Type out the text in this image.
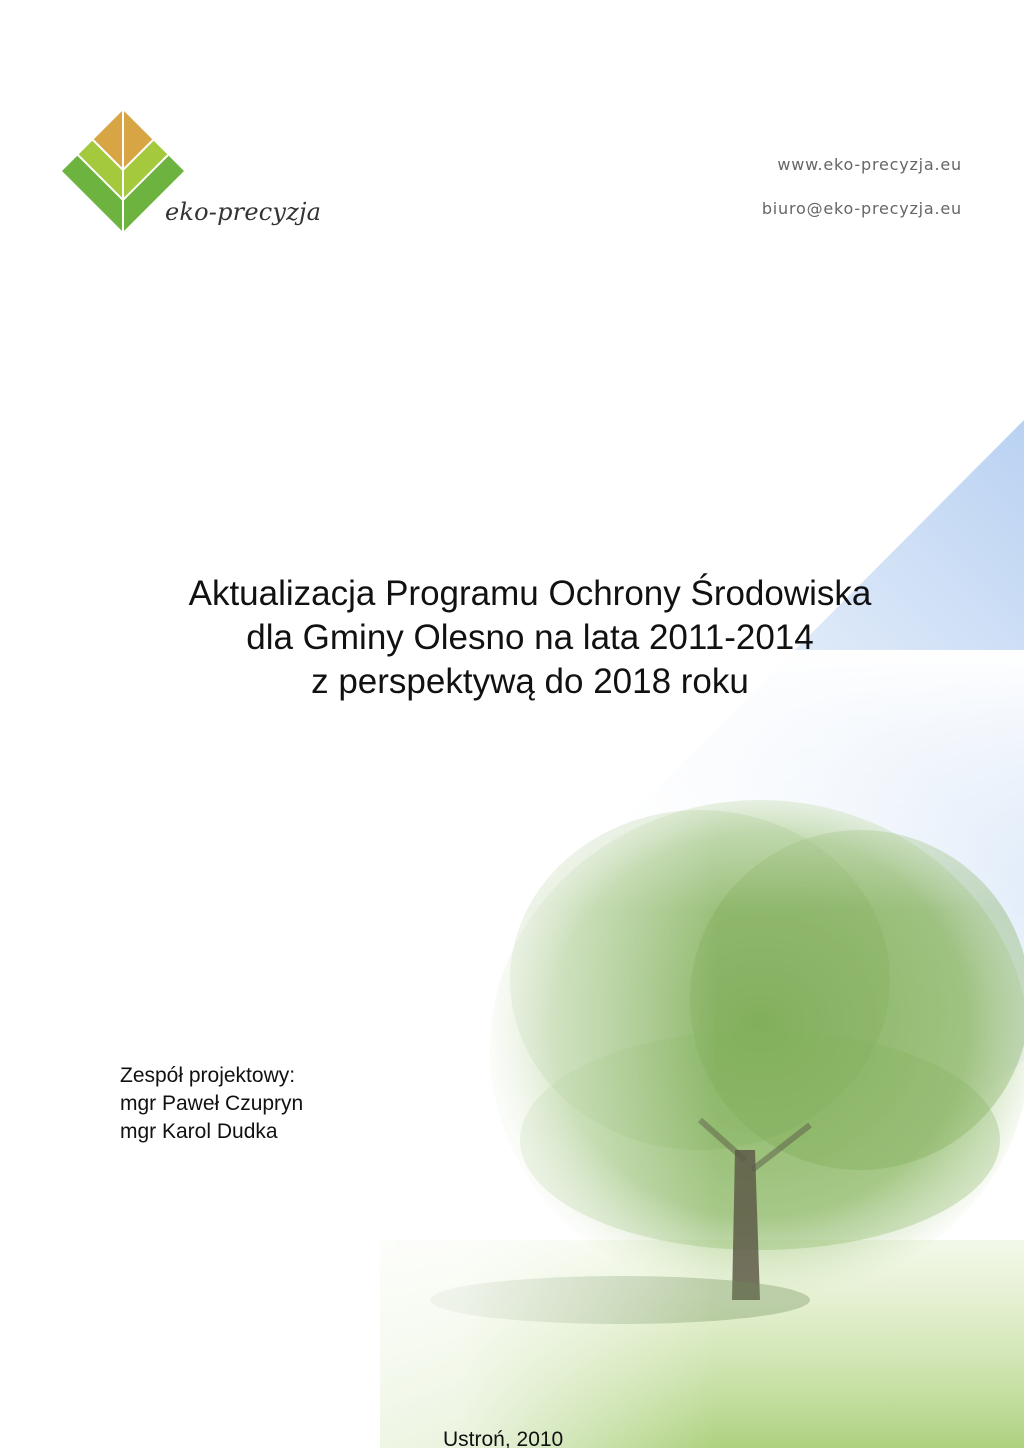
eko-precyzja
www.eko-precyzja.eu
biuro@eko-precyzja.eu
Aktualizacja Programu Ochrony Środowiska
dla Gminy Olesno na lata 2011-2014
z perspektywą do 2018 roku
Zespół projektowy:
mgr Paweł Czupryn
mgr Karol Dudka
Ustroń, 2010
